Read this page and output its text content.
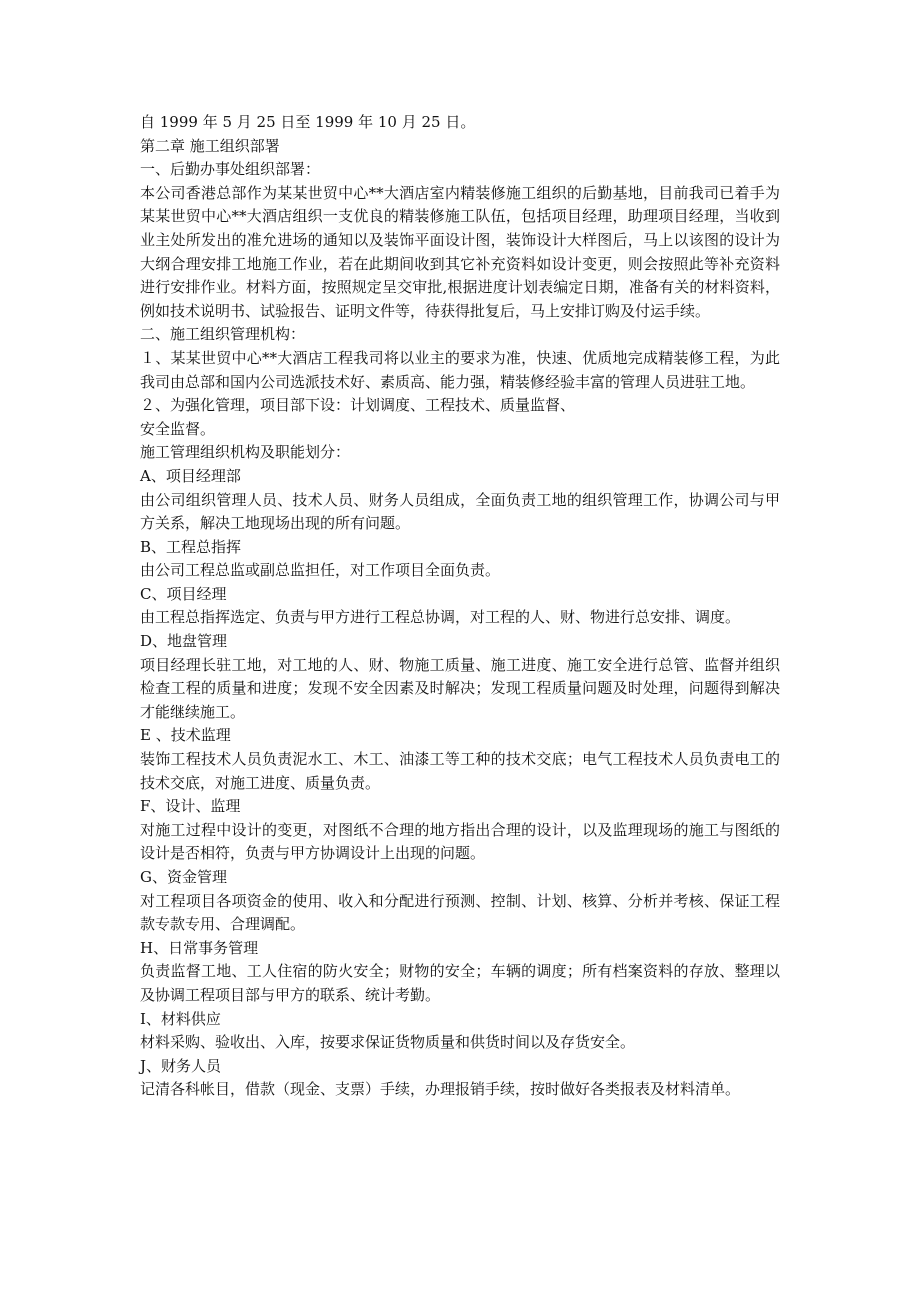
自 1999 年 5 月 25 日至 1999 年 10 月 25 日。

第二章 施工组织部署

一、后勤办事处组织部署：

本公司香港总部作为某某世贸中心**大酒店室内精装修施工组织的后勤基地，目前我司已着手为某某世贸中心**大酒店组织一支优良的精装修施工队伍，包括项目经理，助理项目经理，当收到业主处所发出的准允进场的通知以及装饰平面设计图，装饰设计大样图后，马上以该图的设计为大纲合理安排工地施工作业，若在此期间收到其它补充资料如设计变更，则会按照此等补充资料进行安排作业。材料方面，按照规定呈交审批,根据进度计划表编定日期，准备有关的材料资料，例如技术说明书、试验报告、证明文件等，待获得批复后，马上安排订购及付运手续。

二、施工组织管理机构：

１、某某世贸中心**大酒店工程我司将以业主的要求为准，快速、优质地完成精装修工程，为此我司由总部和国内公司选派技术好、素质高、能力强，精装修经验丰富的管理人员进驻工地。

２、为强化管理，项目部下设：计划调度、工程技术、质量监督、

安全监督。

施工管理组织机构及职能划分：

A、项目经理部

由公司组织管理人员、技术人员、财务人员组成，全面负责工地的组织管理工作，协调公司与甲方关系，解决工地现场出现的所有问题。

B、工程总指挥

由公司工程总监或副总监担任，对工作项目全面负责。

C、项目经理

由工程总指挥选定、负责与甲方进行工程总协调，对工程的人、财、物进行总安排、调度。

D、地盘管理

项目经理长驻工地，对工地的人、财、物施工质量、施工进度、施工安全进行总管、监督并组织检查工程的质量和进度；发现不安全因素及时解决；发现工程质量问题及时处理，问题得到解决才能继续施工。

E 、技术监理

装饰工程技术人员负责泥水工、木工、油漆工等工种的技术交底；电气工程技术人员负责电工的技术交底，对施工进度、质量负责。

F、设计、监理

对施工过程中设计的变更，对图纸不合理的地方指出合理的设计，以及监理现场的施工与图纸的设计是否相符，负责与甲方协调设计上出现的问题。

G、资金管理

对工程项目各项资金的使用、收入和分配进行预测、控制、计划、核算、分析并考核、保证工程款专款专用、合理调配。

H、日常事务管理

负责监督工地、工人住宿的防火安全；财物的安全；车辆的调度；所有档案资料的存放、整理以及协调工程项目部与甲方的联系、统计考勤。

I、材料供应

材料采购、验收出、入库，按要求保证货物质量和供货时间以及存货安全。

J、财务人员

记清各科帐目，借款（现金、支票）手续，办理报销手续，按时做好各类报表及材料清单。
